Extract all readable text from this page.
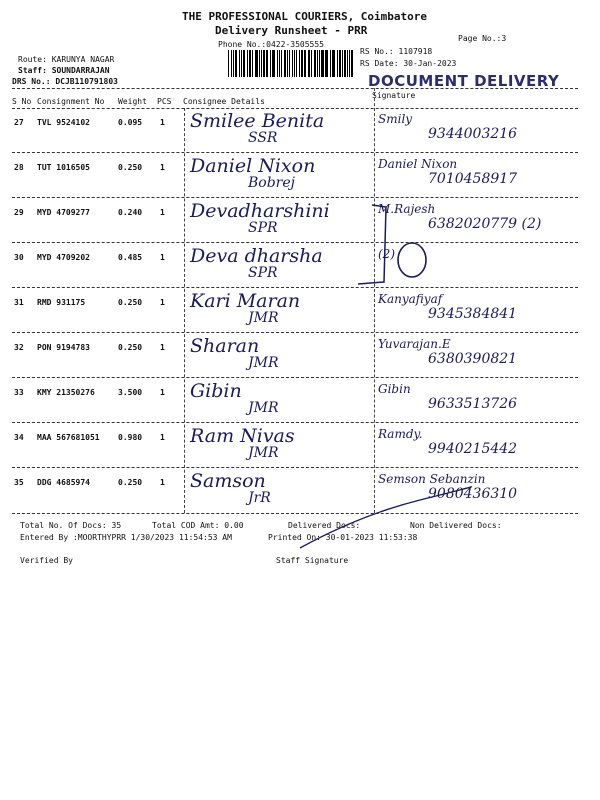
THE PROFESSIONAL COURIERS, Coimbatore
Delivery Runsheet - PRR
Phone No.:0422-3505555
Page No.:3
Route: KARUNYA NAGAR
Staff: SOUNDARRAJAN
DRS No.: DCJB110791803
RS No.: 1107918
RS Date: 30-Jan-2023
DOCUMENT DELIVERY
Signature
S No Consignment No Weight PCS Consignee Details
27 TVL 9524102	0.095 1 Smilee Benita
SSR
Smily
9344003216
28 TUT 1016505	0.250 1 Daniel Nixon
Bobrej
Daniel Nixon
7010458917
29 MYD 4709277	0.240 1 Devadharshini
SPR
M.Rajesh
6382020779 (2)
30 MYD 4709202	0.485 1 Deva dharsha
SPR
(2)
31 RMD 931175	0.250 1 Kari Maran
JMR
Kanyafiyaf
9345384841
32 PON 9194783	0.250 1 Sharan
JMR
Yuvarajan.E
6380390821
33 KMY 21350276	3.500 1 Gibin
JMR
Gibin
9633513726
34 MAA 567681051 0.980 1 Ram Nivas
JMR
Ramdy.
9940215442
35 DDG 4685974	0.250 1 Samson
JrR
Semson Sebanzin
9080436310
Total No. Of Docs: 35	Total COD Amt: 0.00	Delivered Docs:	Non Delivered Docs:
Entered By :MOORTHYPRR 1/30/2023 11:54:53 AM	Printed On: 30-01-2023 11:53:38
Verified By	Staff Signature
